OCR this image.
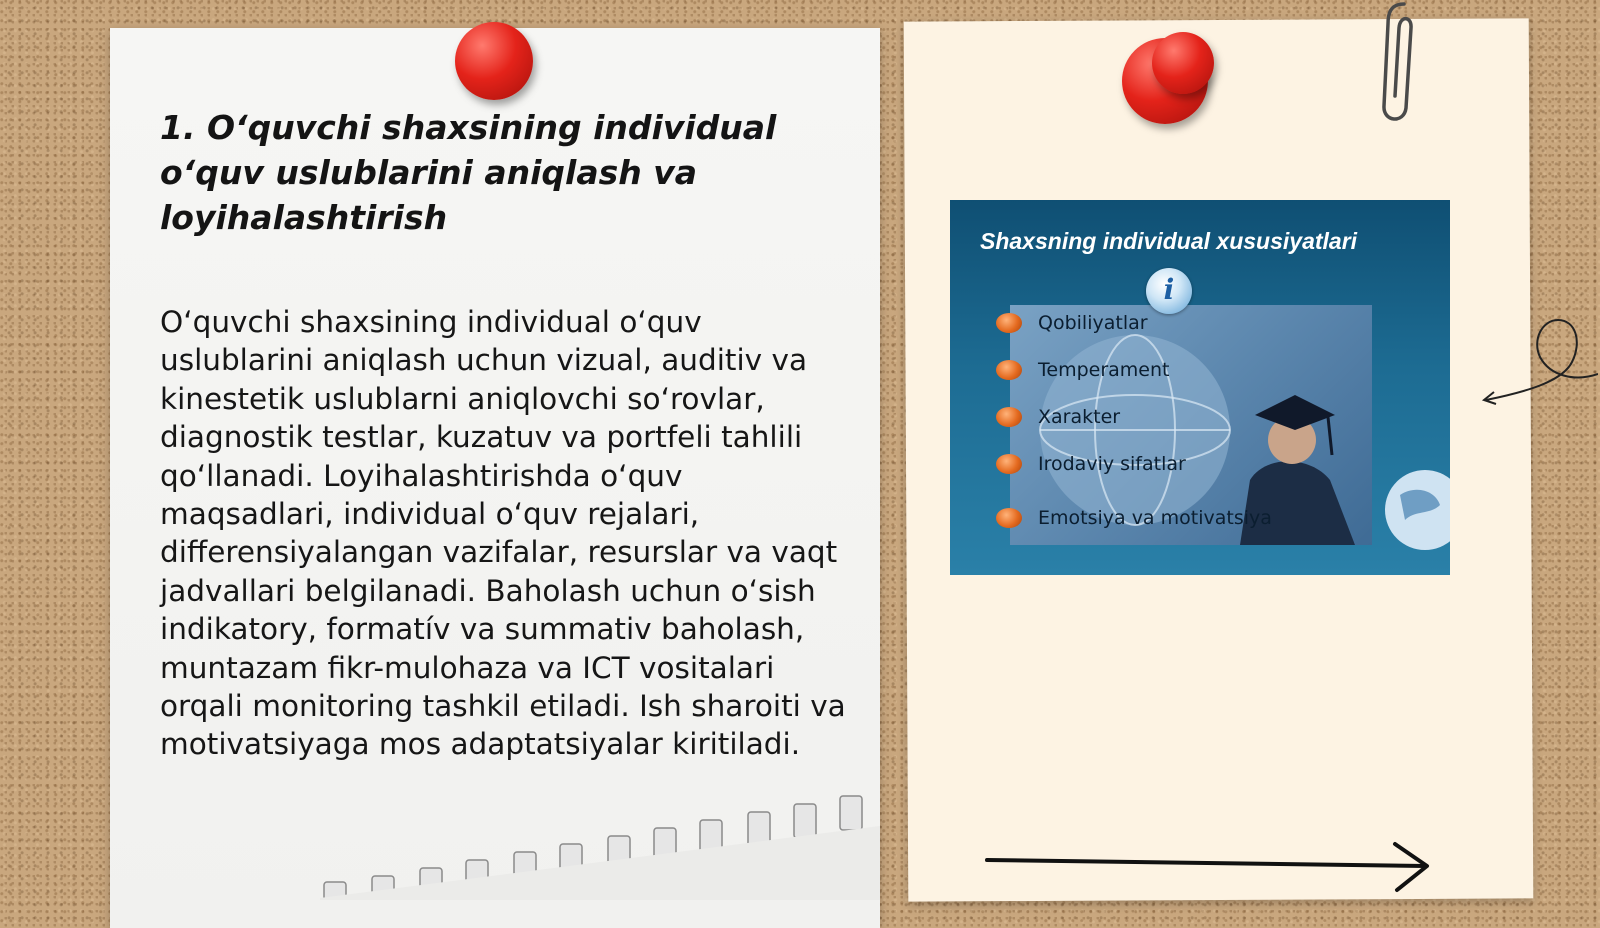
1. O‘quvchi shaxsining individual o‘quv uslublarini aniqlash va loyihalashtirish

O‘quvchi shaxsining individual o‘quv uslublarini aniqlash uchun vizual, auditiv va kinestetik uslublarni aniqlovchi so‘rovlar, diagnostik testlar, kuzatuv va portfeli tahlili qo‘llanadi. Loyihalashtirishda o‘quv maqsadlari, individual o‘quv rejalari, differensiyalangan vazifalar, resurslar va vaqt jadvallari belgilanadi. Baholash uchun o‘sish indikatory, formatív va summativ baholash, muntazam fikr-mulohaza va ICT vositalari orqali monitoring tashkil etiladi. Ish sharoiti va motivatsiyaga mos adaptatsiyalar kiritiladi.

Shaxsning individual xususiyatlari
i
Qobiliyatlar
Temperament
Xarakter
Irodaviy sifatlar
Emotsiya va motivatsiya
